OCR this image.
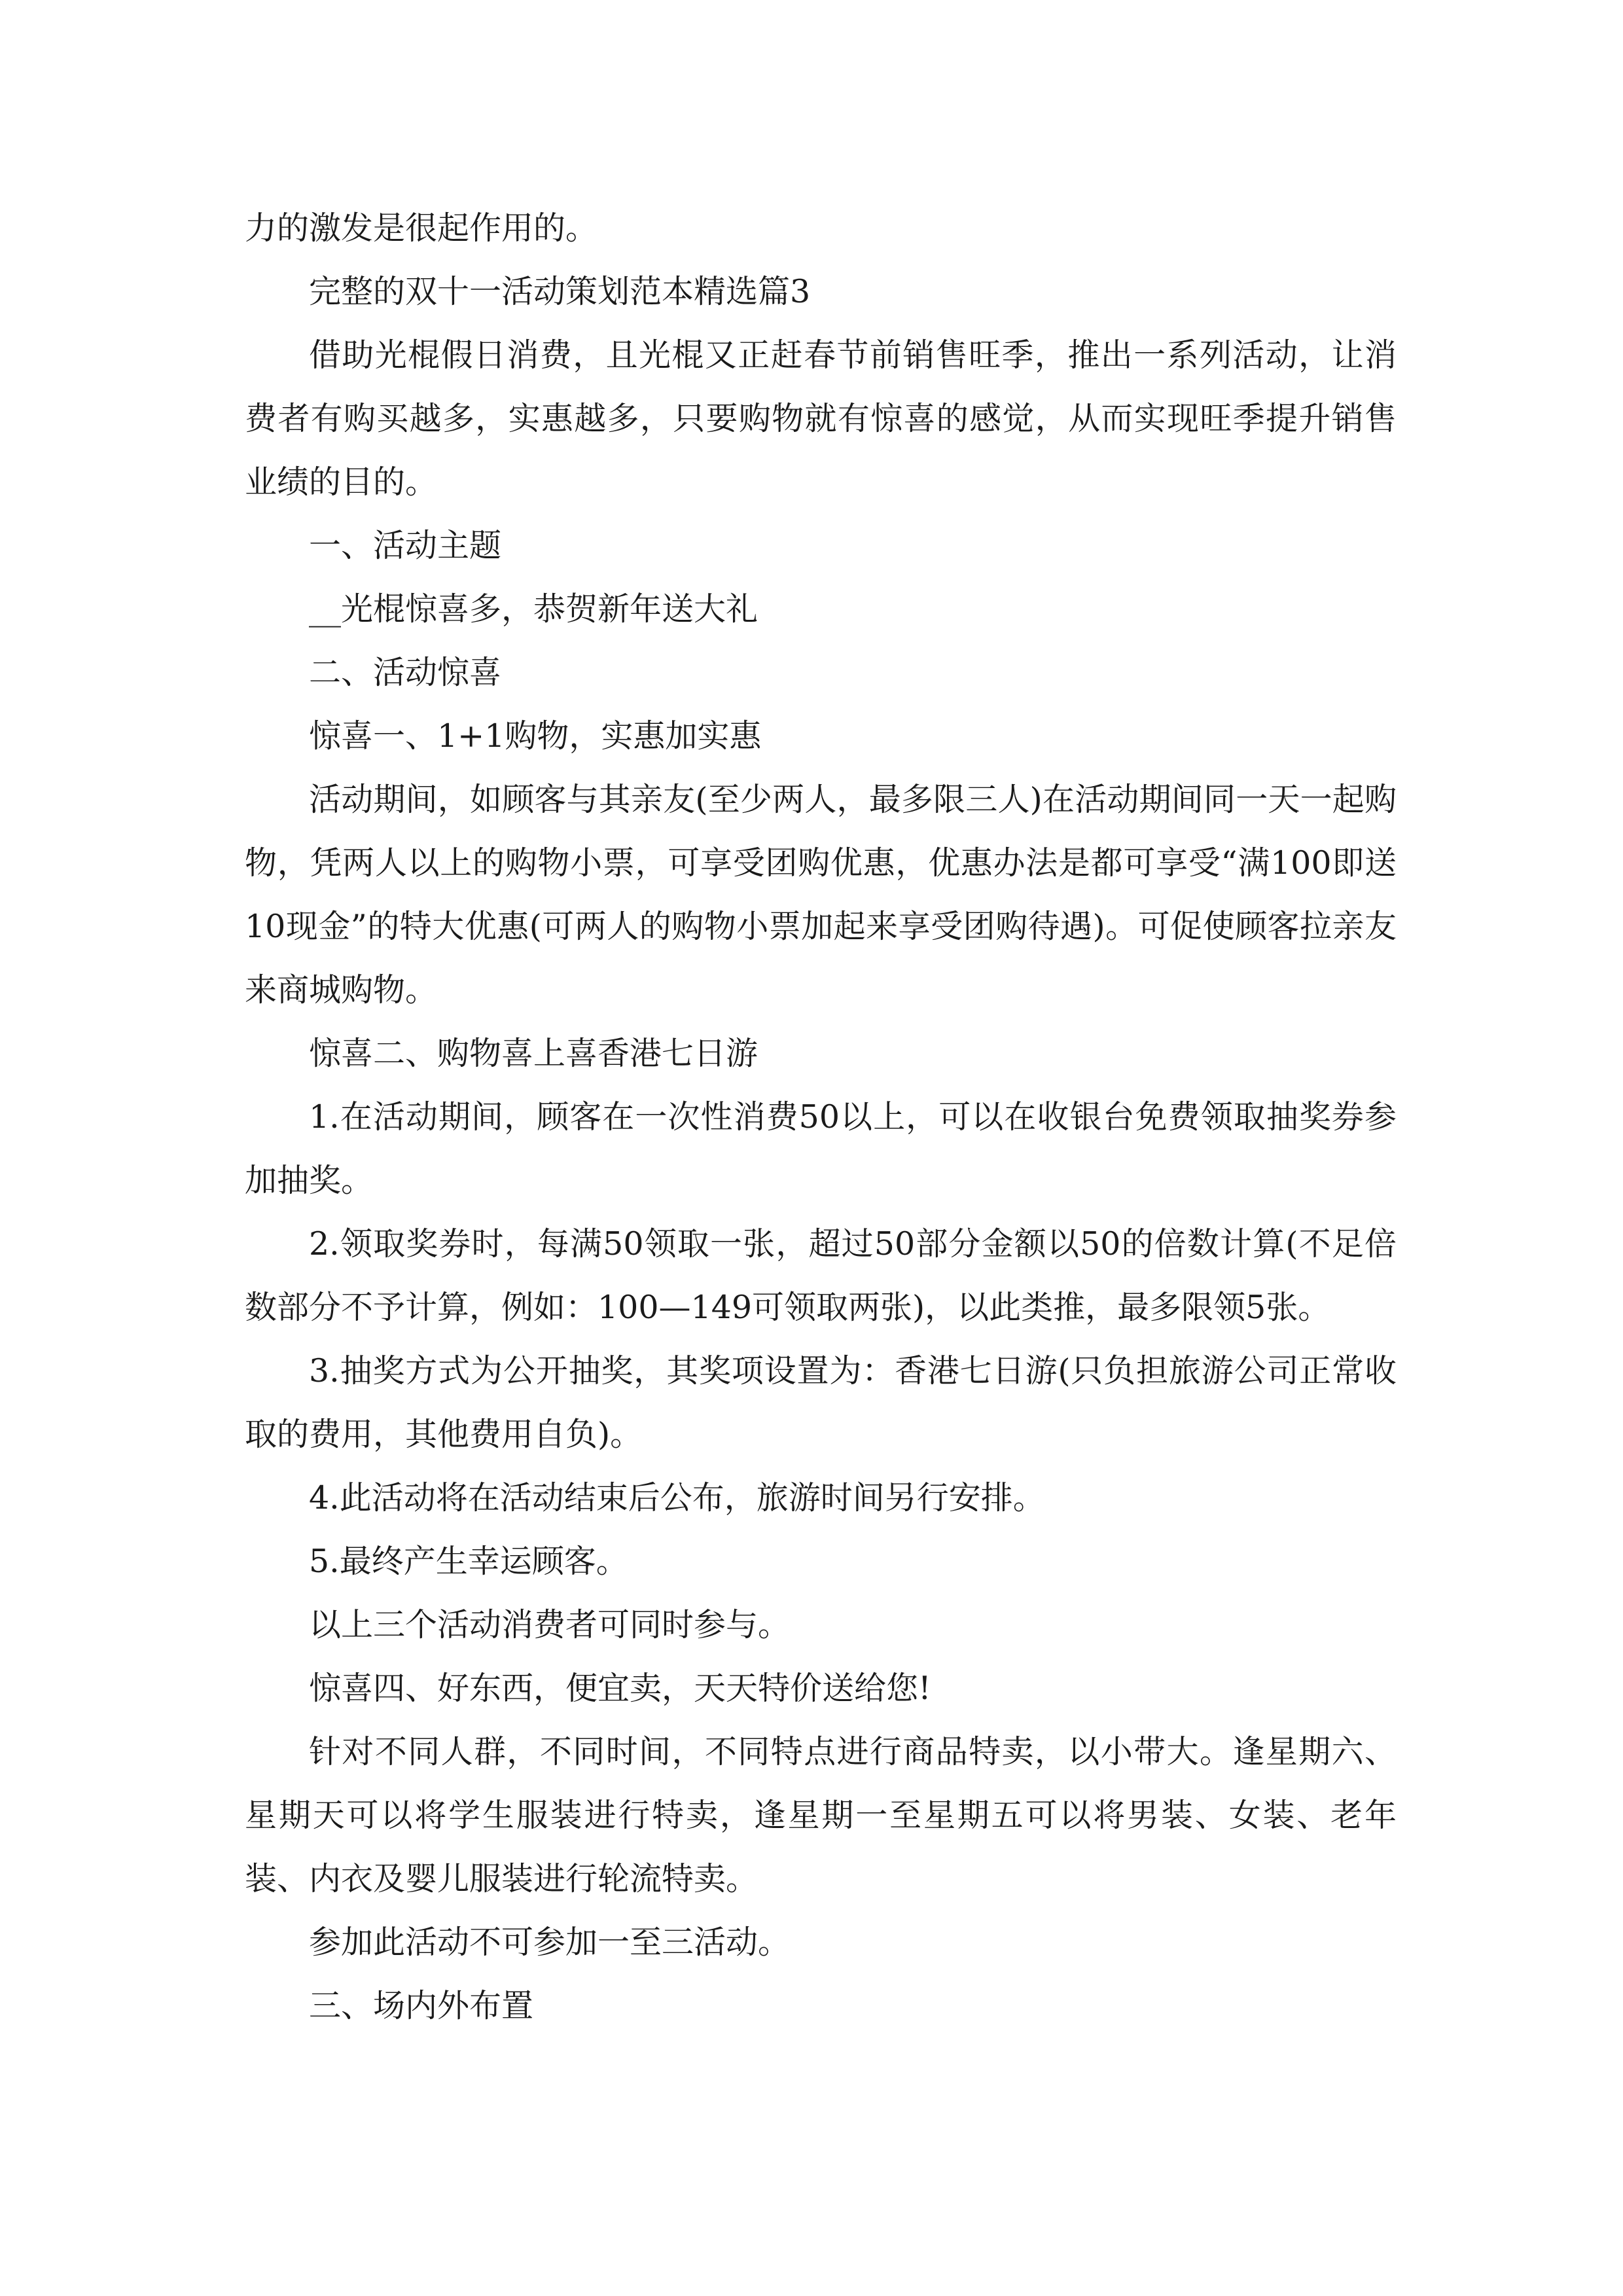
力的激发是很起作用的。

完整的双十一活动策划范本精选篇3

借助光棍假日消费，且光棍又正赶春节前销售旺季，推出一系列活动，让消费者有购买越多，实惠越多，只要购物就有惊喜的感觉，从而实现旺季提升销售业绩的目的。

一、活动主题

__光棍惊喜多，恭贺新年送大礼

二、活动惊喜

惊喜一、1+1购物，实惠加实惠

活动期间，如顾客与其亲友(至少两人，最多限三人)在活动期间同一天一起购物，凭两人以上的购物小票，可享受团购优惠，优惠办法是都可享受“满100即送10现金”的特大优惠(可两人的购物小票加起来享受团购待遇)。可促使顾客拉亲友来商城购物。

惊喜二、购物喜上喜香港七日游

1.在活动期间，顾客在一次性消费50以上，可以在收银台免费领取抽奖券参加抽奖。

2.领取奖券时，每满50领取一张，超过50部分金额以50的倍数计算(不足倍数部分不予计算，例如：100—149可领取两张)，以此类推，最多限领5张。

3.抽奖方式为公开抽奖，其奖项设置为：香港七日游(只负担旅游公司正常收取的费用，其他费用自负)。

4.此活动将在活动结束后公布，旅游时间另行安排。

5.最终产生幸运顾客。

以上三个活动消费者可同时参与。

惊喜四、好东西，便宜卖，天天特价送给您!

针对不同人群，不同时间，不同特点进行商品特卖，以小带大。逢星期六、星期天可以将学生服装进行特卖，逢星期一至星期五可以将男装、女装、老年装、内衣及婴儿服装进行轮流特卖。

参加此活动不可参加一至三活动。

三、场内外布置
